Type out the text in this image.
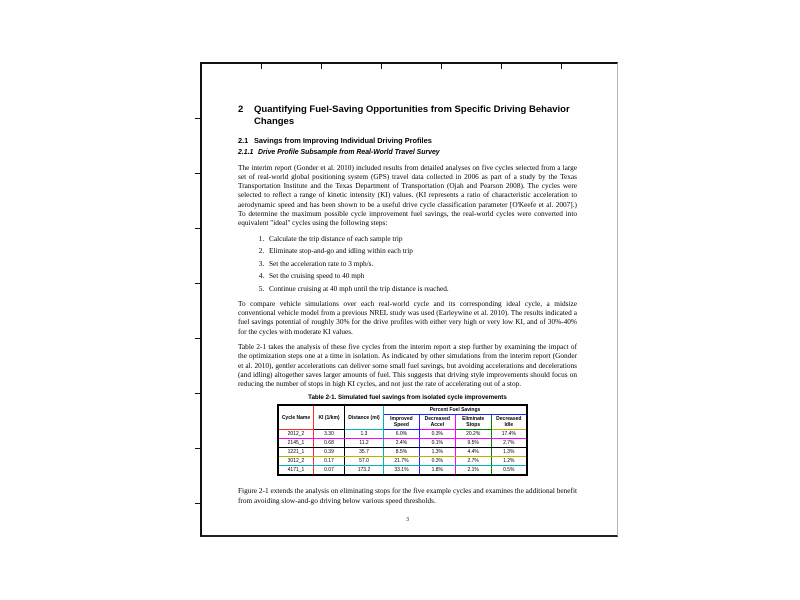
2	Quantifying Fuel-Saving Opportunities from Specific Driving Behavior Changes
2.1 Savings from Improving Individual Driving Profiles
2.1.1 Drive Profile Subsample from Real-World Travel Survey

The interim report (Gonder et al. 2010) included results from detailed analyses on five cycles selected from a large set of real-world global positioning system (GPS) travel data collected in 2006 as part of a study by the Texas Transportation Institute and the Texas Department of Transportation (Ojah and Pearson 2008). The cycles were selected to reflect a range of kinetic intensity (KI) values. (KI represents a ratio of characteristic acceleration to aerodynamic speed and has been shown to be a useful drive cycle classification parameter [O'Keefe et al. 2007].) To determine the maximum possible cycle improvement fuel savings, the real-world cycles were converted into equivalent "ideal" cycles using the following steps:

1. Calculate the trip distance of each sample trip
2. Eliminate stop-and-go and idling within each trip
3. Set the acceleration rate to 3 mph/s.
4. Set the cruising speed to 40 mph
5. Continue cruising at 40 mph until the trip distance is reached.

To compare vehicle simulations over each real-world cycle and its corresponding ideal cycle, a midsize conventional vehicle model from a previous NREL study was used (Earleywine et al. 2010). The results indicated a fuel savings potential of roughly 30% for the drive profiles with either very high or very low KI, and of 30%-40% for the cycles with moderate KI values.

Table 2-1 takes the analysis of these five cycles from the interim report a step further by examining the impact of the optimization steps one at a time in isolation. As indicated by other simulations from the interim report (Gonder et al. 2010), gentler accelerations can deliver some small fuel savings, but avoiding accelerations and decelerations (and idling) altogether saves larger amounts of fuel. This suggests that driving style improvements should focus on reducing the number of stops in high KI cycles, and not just the rate of accelerating out of a stop.

Table 2-1. Simulated fuel savings from isolated cycle improvements
Cycle Name	KI (1/km)	Distance (mi)	Percent Fuel Savings			
			Improved Speed	Decreased Accel	Eliminate Stops	Decreased Idle
2012_2	3.30	1.3	6.0%	0.3%	20.2%	17.4%
2145_1	0.68	11.2	2.4%	0.1%	9.5%	2.7%
1221_1	0.39	35.7	8.5%	1.3%	4.4%	1.3%
3012_2	0.17	57.0	21.7%	0.3%	2.7%	1.2%
4171_1	0.07	173.2	33.1%	1.8%	2.1%	0.5%

Figure 2-1 extends the analysis on eliminating stops for the five example cycles and examines the additional benefit from avoiding slow-and-go driving below various speed thresholds.

3
